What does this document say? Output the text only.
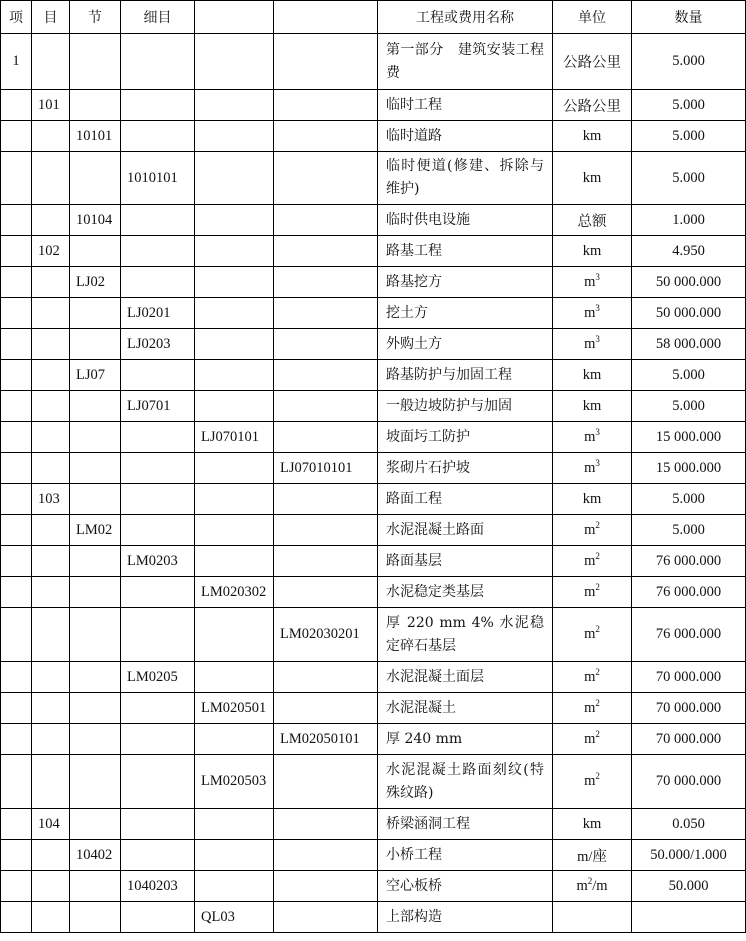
项	目	节	细目			工程或费用名称	单位	数量
1						第一部分　建筑安装工程费	公路公里	5.000
	101					临时工程	公路公里	5.000
		10101				临时道路	km	5.000
			1010101			临时便道(修建、拆除与维护)	km	5.000
		10104				临时供电设施	总额	1.000
	102					路基工程	km	4.950
		LJ02				路基挖方	$m^3$	50 000.000
			LJ0201			挖土方	$m^3$	50 000.000
			LJ0203			外购土方	$m^3$	58 000.000
		LJ07				路基防护与加固工程	km	5.000
			LJ0701			一般边坡防护与加固	km	5.000
				LJ070101		坡面圬工防护	$m^3$	15 000.000
					LJ07010101	浆砌片石护坡	$m^3$	15 000.000
	103					路面工程	km	5.000
		LM02				水泥混凝土路面	$m^2$	5.000
			LM0203			路面基层	$m^2$	76 000.000
				LM020302		水泥稳定类基层	$m^2$	76 000.000
					LM02030201	厚 220 mm 4% 水泥稳定碎石基层	$m^2$	76 000.000
			LM0205			水泥混凝土面层	$m^2$	70 000.000
				LM020501		水泥混凝土	$m^2$	70 000.000
					LM02050101	厚 240 mm	$m^2$	70 000.000
				LM020503		水泥混凝土路面刻纹(特殊纹路)	$m^2$	70 000.000
	104					桥梁涵洞工程	km	0.050
		10402				小桥工程	m/座	50.000/1.000
			1040203			空心板桥	$m^2/m$	50.000
				QL03		上部构造		
